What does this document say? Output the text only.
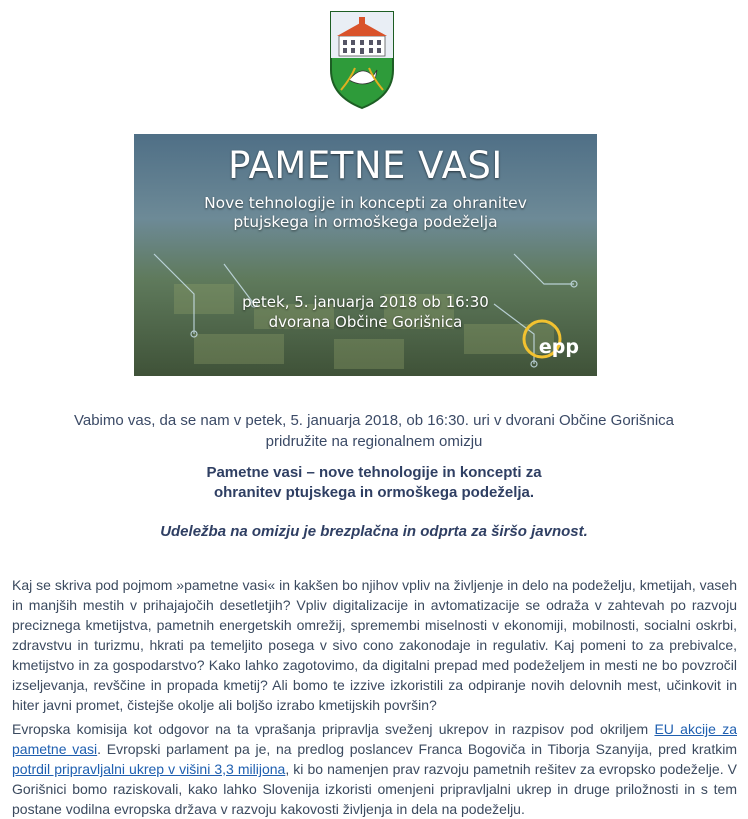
PAMETNE VASI
Nove tehnologije in koncepti za ohranitev
ptujskega in ormoškega podeželja
petek, 5. januarja 2018 ob 16:30
dvorana Občine Gorišnica
epp
Vabimo vas, da se nam v petek, 5. januarja 2018, ob 16:30. uri v dvorani Občine Gorišnica
pridružite na regionalnem omizju
Pametne vasi – nove tehnologije in koncepti za
ohranitev ptujskega in ormoškega podeželja.
Udeležba na omizju je brezplačna in odprta za širšo javnost.

Kaj se skriva pod pojmom »pametne vasi« in kakšen bo njihov vpliv na življenje in delo na podeželju, kmetijah, vaseh in manjših mestih v prihajajočih desetletjih? Vpliv digitalizacije in avtomatizacije se odraža v zahtevah po razvoju preciznega kmetijstva, pametnih energetskih omrežij, spremembi miselnosti v ekonomiji, mobilnosti, socialni oskrbi, zdravstvu in turizmu, hkrati pa temeljito posega v sivo cono zakonodaje in regulativ. Kaj pomeni to za prebivalce, kmetijstvo in za gospodarstvo? Kako lahko zagotovimo, da digitalni prepad med podeželjem in mesti ne bo povzročil izseljevanja, revščine in propada kmetij? Ali bomo te izzive izkoristili za odpiranje novih delovnih mest, učinkovit in hiter javni promet, čistejše okolje ali boljšo izrabo kmetijskih površin?

Evropska komisija kot odgovor na ta vprašanja pripravlja sveženj ukrepov in razpisov pod okriljem EU akcije za pametne vasi. Evropski parlament pa je, na predlog poslancev Franca Bogoviča in Tiborja Szanyija, pred kratkim potrdil pripravljalni ukrep v višini 3,3 milijona, ki bo namenjen prav razvoju pametnih rešitev za evropsko podeželje. V Gorišnici bomo raziskovali, kako lahko Slovenija izkoristi omenjeni pripravljalni ukrep in druge priložnosti in s tem postane vodilna evropska država v razvoju kakovosti življenja in dela na podeželju.
